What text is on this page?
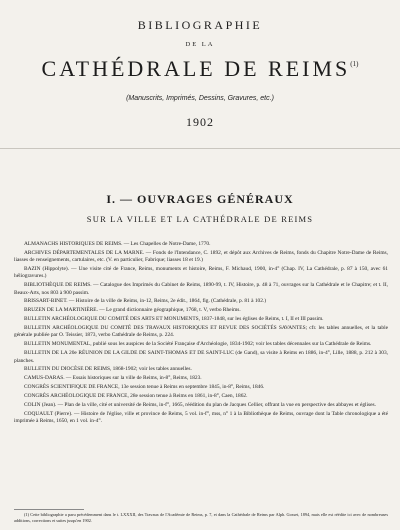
BIBLIOGRAPHIE
DE LA
CATHÉDRALE DE REIMS$^{(1)}$
(Manuscrits, Imprimés, Dessins, Gravures, etc.)
1902
I. — OUVRAGES GÉNÉRAUX
SUR LA VILLE ET LA CATHÉDRALE DE REIMS

ALMANACHS HISTORIQUES DE REIMS. — Les Chapelles de Notre-Dame, 1770.

ARCHIVES DÉPARTEMENTALES DE LA MARNE. — Fonds de l'Intendance, C. 1892, et dépôt aux Archives de Reims, fonds du Chapitre Notre-Dame de Reims, liasses de renseignements, cartulaires, etc. (V. en particulier, Fabrique; liasses 18 et 19.)

BAZIN (Hippolyte). — Une visite cité de France, Reims, monuments et histoire, Reims, F. Michaud, 1900, in-4° (Chap. IV, La Cathédrale, p. 87 à 150, avec 61 héliogravures.)

BIBLIOTHÈQUE DE REIMS. — Catalogue des Imprimés du Cabinet de Reims, 1890-99, t. IV, Histoire, p. 48 à 71, ouvrages sur la Cathédrale et le Chapitre; et t. II, Beaux-Arts, nos 803 à 900 passim.

BRISSART-BINET. — Histoire de la ville de Reims, in-12, Reims, 2e édit., 1864, fig. (Cathédrale, p. 81 à 102.)

BRUZEN DE LA MARTINIÈRE. — Le grand dictionnaire géographique, 1768, t. V, verbo Rheims.

BULLETIN ARCHÉOLOGIQUE DU COMITÉ DES ARTS ET MONUMENTS, 1837-1848, sur les églises de Reims, t. I, II et III passim.

BULLETIN ARCHÉOLOGIQUE DU COMITÉ DES TRAVAUX HISTORIQUES ET REVUE DES SOCIÉTÉS SAVANTES; cfr. les tables annuelles, et la table générale publiée par O. Teissier, 1873, verbo Cathédrale de Reims, p. 224.

BULLETIN MONUMENTAL, publié sous les auspices de la Société Française d'Archéologie, 1834-1902; voir les tables décennales sur la Cathédrale de Reims.

BULLETIN DE LA 20e RÉUNION DE LA GILDE DE SAINT-THOMAS ET DE SAINT-LUC (de Gand), sa visite à Reims en 1886, in-4°, Lille, 1888, p. 212 à 303, planches.

BULLETIN DU DIOCÈSE DE REIMS, 1868-1902; voir les tables annuelles.

CAMUS-DARAS. — Essais historiques sur la ville de Reims, in-8°, Reims, 1823.

CONGRÈS SCIENTIFIQUE DE FRANCE, 13e session tenue à Reims en septembre 1845, in-8°, Reims, 1846.

CONGRÈS ARCHÉOLOGIQUE DE FRANCE, 28e session tenue à Reims en 1861, in-8°, Caen, 1862.

COLIN (Jean). — Plan de la ville, cité et université de Reims, in-f°, 1665, réédition du plan de Jacques Cellier, offrant la vue en perspective des abbayes et églises.

COQUAULT (Pierre). — Histoire de l'église, ville et province de Reims, 5 vol. in-f°, mss, n° 1 à la Bibliothèque de Reims, ouvrage dont la Table chronologique a été imprimée à Reims, 1650, en 1 vol. in-4°.

(1) Cette bibliographie a paru précédemment dans le t. LXXXII, des Travaux de l'Académie de Reims, p. 7, et dans la Cathédrale de Reims par Alph. Gosset, 1894, mais elle est réédite ici avec de nombreuses additions, corrections et suites jusqu'en 1902.
